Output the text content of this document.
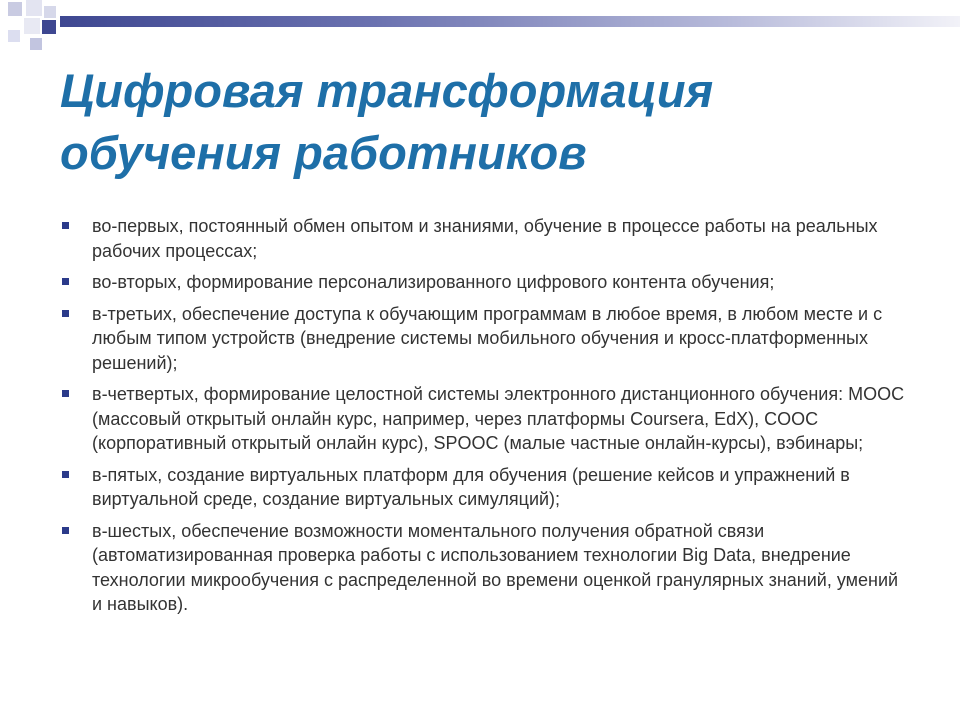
Цифровая трансформация обучения работников
во-первых, постоянный обмен опытом и знаниями, обучение в процессе работы на реальных рабочих процессах;
во-вторых, формирование персонализированного цифрового контента обучения;
в-третьих, обеспечение доступа к обучающим программам в любое время, в любом месте и с любым типом устройств (внедрение системы мобильного обучения и кросс-платформенных решений);
в-четвертых, формирование целостной системы электронного дистанционного обучения: MOOC (массовый открытый онлайн курс, например, через платформы Coursera, EdX), COOC (корпоративный открытый онлайн курс), SPOOC (малые частные онлайн-курсы), вэбинары;
в-пятых, создание виртуальных платформ для обучения (решение кейсов и упражнений в виртуальной среде, создание виртуальных симуляций);
в-шестых, обеспечение возможности моментального получения обратной связи (автоматизированная проверка работы с использованием технологии Big Data, внедрение технологии микрообучения с распределенной во времени оценкой гранулярных знаний, умений и навыков).
